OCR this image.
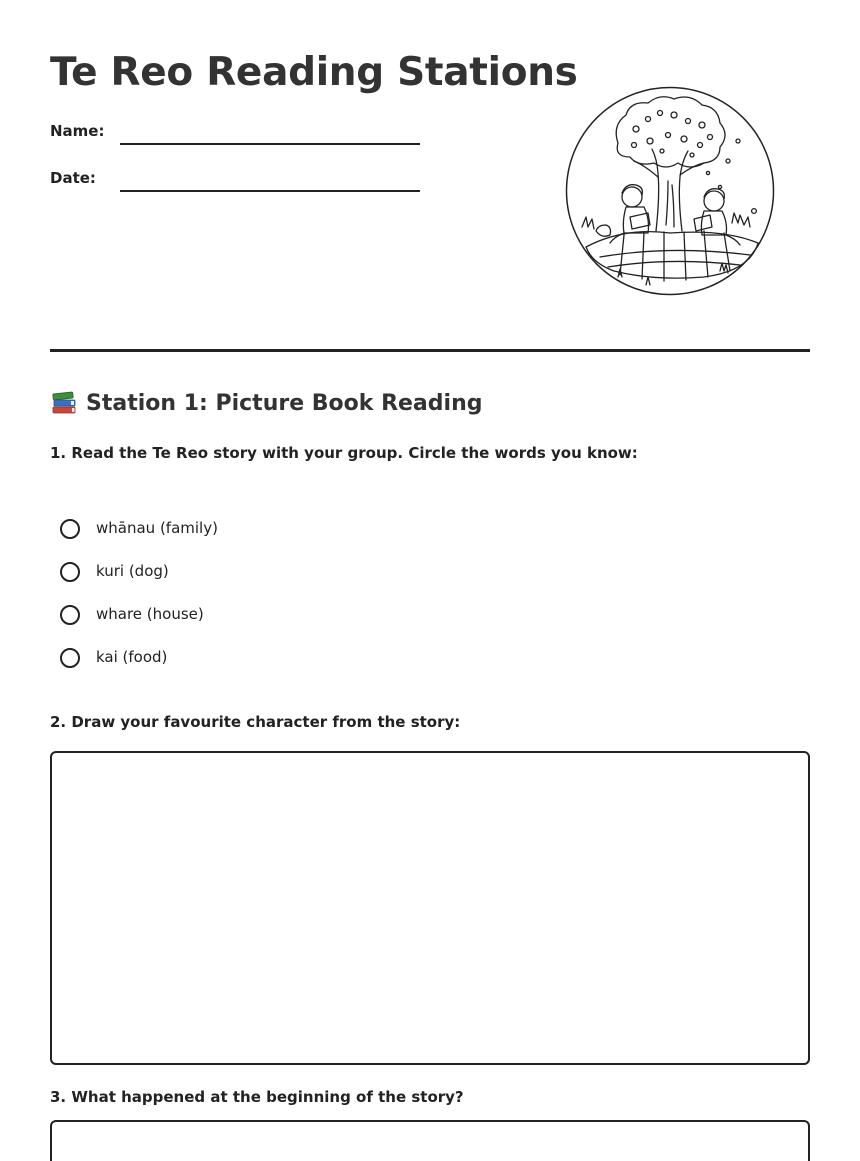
Te Reo Reading Stations
Name:
Date:
Station 1: Picture Book Reading
1. Read the Te Reo story with your group. Circle the words you know:
whānau (family)
kuri (dog)
whare (house)
kai (food)
2. Draw your favourite character from the story:
3. What happened at the beginning of the story?
